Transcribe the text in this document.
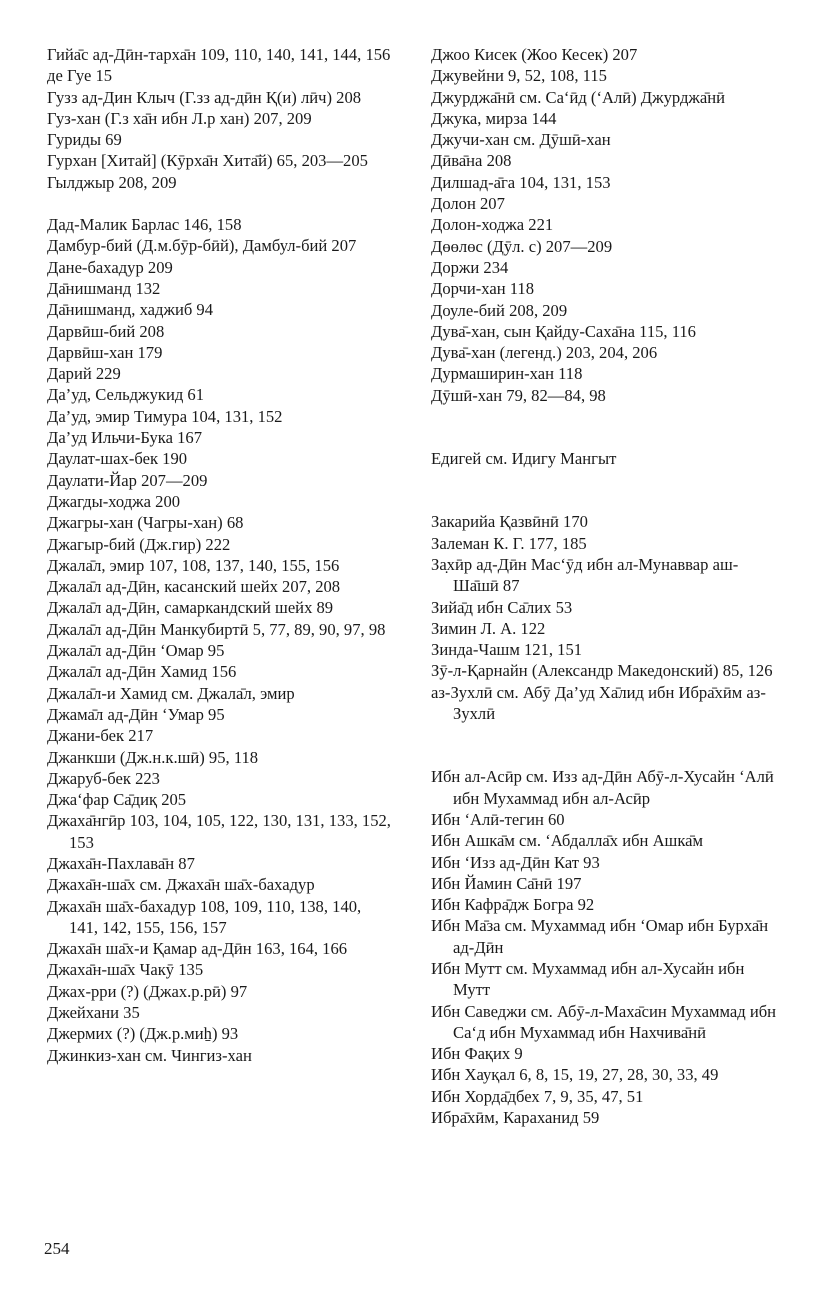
Гийа̄с ад-Дӣн-тарха̄н 109, 110, 140, 141, 144, 156

де Гуе 15

Гузз ад-Дин Клыч (Г.зз ад-дӣн Қ(и) лӣч) 208

Гуз-хан (Г.з ха̄н ибн Л.р хан) 207, 209

Гуриды 69

Гурхан [Хитай] (Кӯрха̄н Хита̄й) 65, 203—205

Гылджыр 208, 209

Дад-Малик Барлас 146, 158

Дамбур-бий (Д.м.бӯр-бӣй), Дамбул-бий 207

Дане-бахадур 209

Да̄нишманд 132

Да̄нишманд, хаджиб 94

Дарвӣш-бий 208

Дарвӣш-хан 179

Дарий 229

Да’уд, Сельджукид 61

Да’уд, эмир Тимура 104, 131, 152

Да’уд Ильчи-Бука 167

Даулат-шах-бек 190

Даулати-Йар 207—209

Джагды-ходжа 200

Джагры-хан (Чагры-хан) 68

Джагыр-бий (Дж.гир) 222

Джала̄л, эмир 107, 108, 137, 140, 155, 156

Джала̄л ад-Дӣн, касанский шейх 207, 208

Джала̄л ад-Дӣн, самаркандский шейх 89

Джала̄л ад-Дӣн Манкубиртӣ 5, 77, 89, 90, 97, 98

Джала̄л ад-Дӣн ‘Омар 95

Джала̄л ад-Дӣн Хамид 156

Джала̄л-и Хамид см. Джала̄л, эмир

Джама̄л ад-Дӣн ‘Умар 95

Джани-бек 217

Джанкши (Дж.н.к.шӣ) 95, 118

Джаруб-бек 223

Джа‘фар Са̄диқ 205

Джаха̄нгӣр 103, 104, 105, 122, 130, 131, 133, 152, 153

Джаха̄н-Пахлава̄н 87

Джаха̄н-ша̄х см. Джаха̄н ша̄х-бахадур

Джаха̄н ша̄х-бахадур 108, 109, 110, 138, 140, 141, 142, 155, 156, 157

Джаха̄н ша̄х-и Қамар ад-Дӣн 163, 164, 166

Джаха̄н-ша̄х Чакӯ 135

Джах-рри (?) (Джах.р.рӣ) 97

Джейхани 35

Джермих (?) (Дж.р.миẖ) 93

Джинкиз-хан см. Чингиз-хан

Джоо Кисек (Жоо Кесек) 207

Джувейни 9, 52, 108, 115

Джурджа̄нӣ см. Са‘ӣд (‘Алӣ) Джурджа̄нӣ

Джука, мирза 144

Джучи-хан см. Дӯшӣ-хан

Дӣва̄на 208

Дилшад-а̄га 104, 131, 153

Долон 207

Долон-ходжа 221

Дөөлөс (Дӯл. с) 207—209

Доржи 234

Дорчи-хан 118

Доуле-бий 208, 209

Дува̄-хан, сын Қайду-Саха̄на 115, 116

Дува̄-хан (легенд.) 203, 204, 206

Дурмаширин-хан 118

Дӯшӣ-хан 79, 82—84, 98

Едигей см. Идигу Мангыт

Закарийа Қазвӣнӣ 170

Залеман К. Г. 177, 185

За̣хӣр ад-Дӣн Мас‘ӯд ибн ал-Мунаввар аш-Ша̄шӣ 87

Зийа̄д ибн Са̄лих 53

Зимин Л. А. 122

Зинда-Чашм 121, 151

Зӯ-л-Қарнайн (Александр Македонский) 85, 126

аз-Зухлӣ см. Абӯ Да’уд Ха̄лид ибн Ибра̄хӣм аз-Зухлӣ

Ибн ал-Асӣр см. Изз ад-Дӣн Абӯ-л-Хусайн ‘Алӣ ибн Мухаммад ибн ал-Асӣр

Ибн ‘Алӣ-тегин 60

Ибн Ашка̄м см. ‘Абдалла̄х ибн Ашка̄м

Ибн ‘Изз ад-Дӣн Кат 93

Ибн Йамин Са̄нӣ 197

Ибн Кафра̄дж Богра 92

Ибн Ма̄за см. Мухаммад ибн ‘Омар ибн Бурха̄н ад-Дӣн

Ибн Мутт см. Мухаммад ибн ал-Хусайн ибн Мутт

Ибн Саведжи см. Абӯ-л-Маха̄син Мухаммад ибн Са‘д ибн Мухаммад ибн Нахчива̄нӣ

Ибн Фақих 9

Ибн Хауқал 6, 8, 15, 19, 27, 28, 30, 33, 49

Ибн Хорда̄дбех 7, 9, 35, 47, 51

Ибра̄хӣм, Караханид 59

254
